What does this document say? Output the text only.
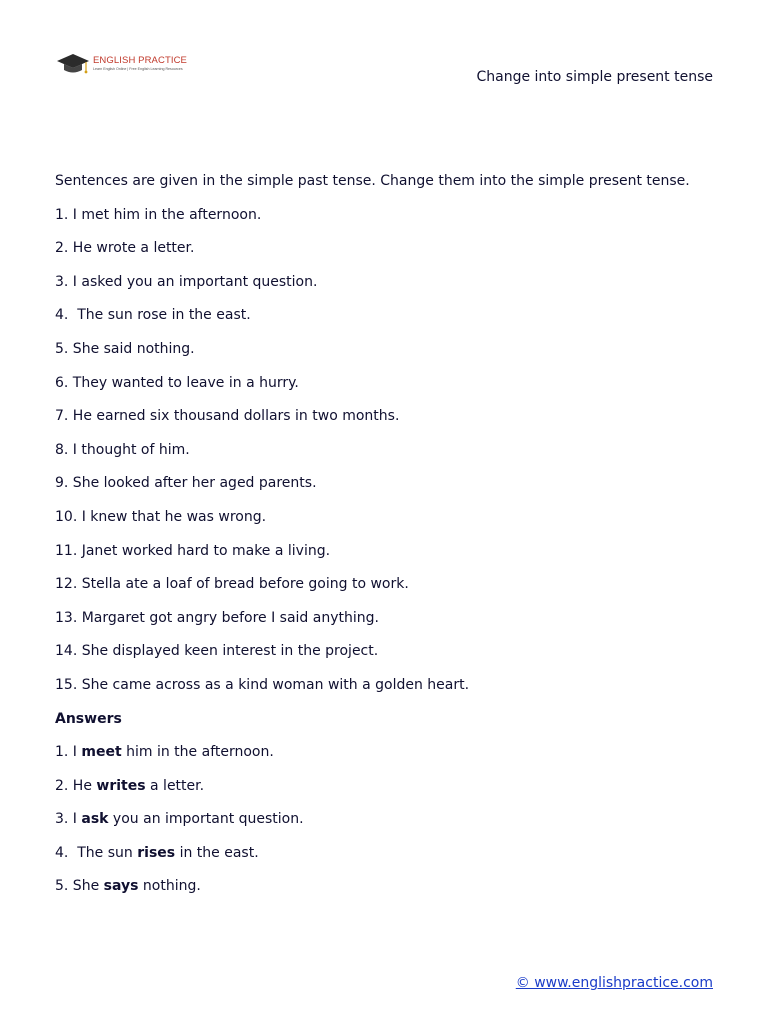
ENGLISH PRACTICE
Learn English Online | Free English Learning Resources
Change into simple present tense
Sentences are given in the simple past tense. Change them into the simple present tense.
1. I met him in the afternoon.
2. He wrote a letter.
3. I asked you an important question.
4.  The sun rose in the east.
5. She said nothing.
6. They wanted to leave in a hurry.
7. He earned six thousand dollars in two months.
8. I thought of him.
9. She looked after her aged parents.
10. I knew that he was wrong.
11. Janet worked hard to make a living.
12. Stella ate a loaf of bread before going to work.
13. Margaret got angry before I said anything.
14. She displayed keen interest in the project.
15. She came across as a kind woman with a golden heart.
Answers
1. I meet him in the afternoon.
2. He writes a letter.
3. I ask you an important question.
4.  The sun rises in the east.
5. She says nothing.
© www.englishpractice.com
